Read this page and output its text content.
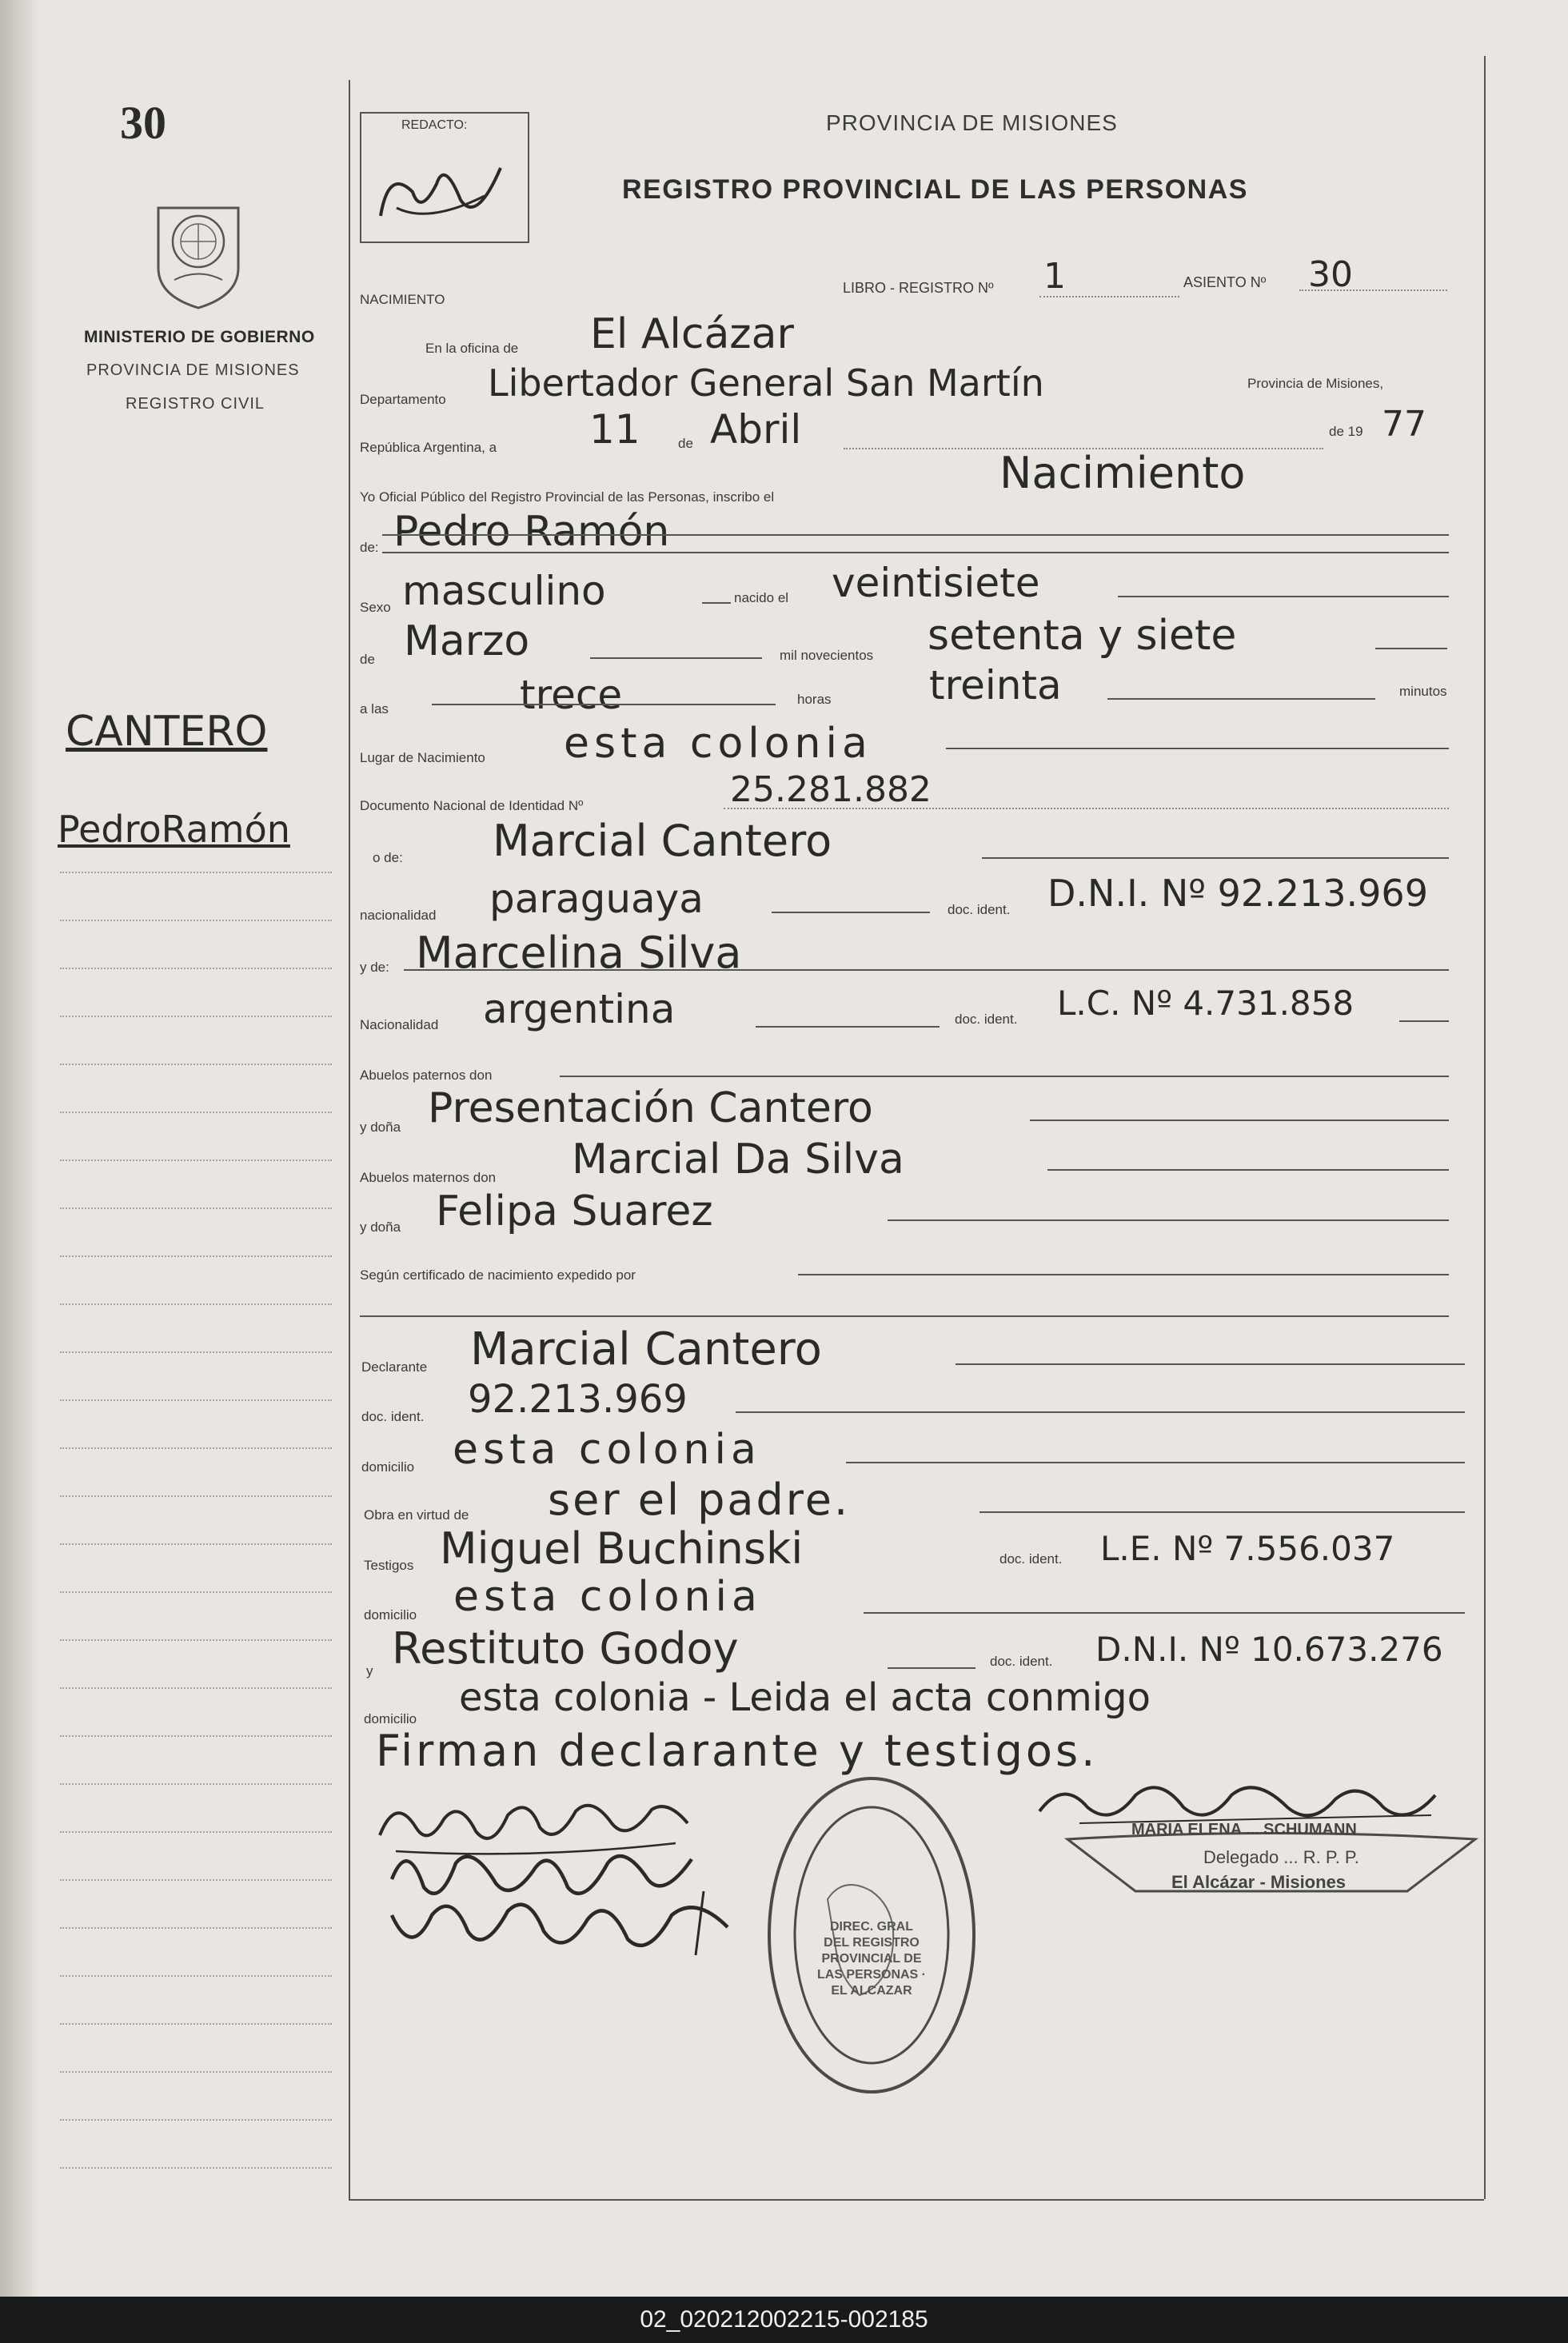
30
MINISTERIO DE GOBIERNO
PROVINCIA DE MISIONES
REGISTRO CIVIL
CANTERO
PedroRamón
REDACTO:	PROVINCIA DE MISIONES
REGISTRO PROVINCIAL DE LAS PERSONAS
NACIMIENTO
LIBRO - REGISTRO Nº 1	ASIENTO Nº 30
En la oficina de El Alcázar
Departamento Libertador General San Martín	Provincia de Misiones,
República Argentina, a 11	de Abril	de 19 77
Yo Oficial Público del Registro Provincial de las Personas, inscribo el	Nacimiento
de: Pedro Ramón
Sexo masculino	nacido el veintisiete
de Marzo	mil novecientos setenta y siete
a las	trece	horas treinta	minutos
Lugar de Nacimiento esta colonia
Documento Nacional de Identidad Nº	25.281.882
o de: Marcial Cantero
nacionalidad paraguaya	doc. ident. D.N.I. Nº 92.213.969
y de: Marcelina Silva
Nacionalidad argentina	doc. ident. L.C. Nº 4.731.858
Abuelos paternos don
y doña Presentación Cantero
Abuelos maternos don Marcial Da Silva
y doña Felipa Suarez
Según certificado de nacimiento expedido por
Declarante Marcial Cantero
doc. ident. 92.213.969
domicilio esta colonia
Obra en virtud de ser el padre.
Testigos Miguel Buchinski	doc. ident. L.E. Nº 7.556.037
domicilio esta colonia
y Restituto Godoy	doc. ident. D.N.I. Nº 10.673.276
domicilio esta colonia - Leida el acta conmigo
Firman declarante y testigos.
MARIA ELENA ... SCHUMANN
Delegado ... R. P. P.
El Alcázar - Misiones
DIREC. GRAL DEL REGISTRO PROVINCIAL DE LAS PERSONAS · EL ALCAZAR
02_020212002215-002185
